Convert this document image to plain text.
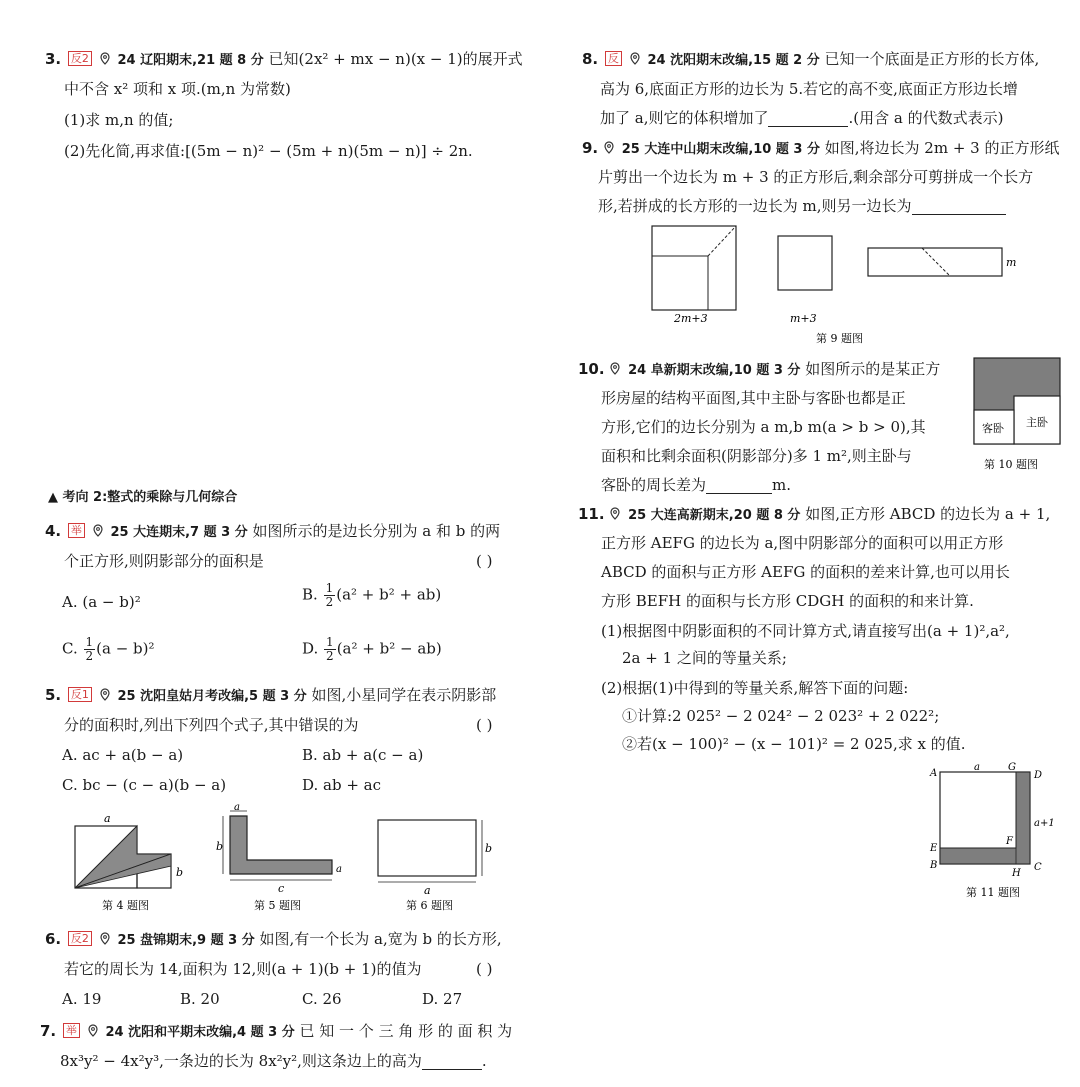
3. 反2 24 辽阳期末,21 题 8 分 已知(2x² + mx − n)(x − 1)的展开式
中不含 x² 项和 x 项.(m,n 为常数)
(1)求 m,n 的值;
(2)先化简,再求值:[(5m − n)² − (5m + n)(5m − n)] ÷ 2n.
▲ 考向 2:整式的乘除与几何综合
4. 举 25 大连期末,7 题 3 分 如图所示的是边长分别为 a 和 b 的两
个正方形,则阴影部分的面积是	( )
A. (a − b)²	B. $\frac{1}{2} (a^2 + b^2 + ab)$
C. $\frac{1}{2} (a - b)^2$	D. $\frac{1}{2} (a^2 + b^2 - ab)$
5. 反1 25 沈阳皇姑月考改编,5 题 3 分 如图,小星同学在表示阴影部
分的面积时,列出下列四个式子,其中错误的为	( )
A. ac + a(b − a)	B. ab + a(c − a)
C. bc − (c − a)(b − a)	D. ab + ac
a
b
a
b
c
a
b
a
第 4 题图	第 5 题图	第 6 题图
6. 反2 25 盘锦期末,9 题 3 分 如图,有一个长为 a,宽为 b 的长方形,
若它的周长为 14,面积为 12,则(a + 1)(b + 1)的值为	( )
A. 19	B. 20	C. 26	D. 27
7. 举 24 沈阳和平期末改编,4 题 3 分 已 知 一 个 三 角 形 的 面 积 为
8x³y² − 4x²y³,一条边的长为 8x²y²,则这条边上的高为	.
8. 反 24 沈阳期末改编,15 题 2 分 已知一个底面是正方形的长方体,
高为 6,底面正方形的边长为 5.若它的高不变,底面正方形边长增
加了 a,则它的体积增加了	.(用含 a 的代数式表示)
9. 25 大连中山期末改编,10 题 3 分 如图,将边长为 2m + 3 的正方形纸
片剪出一个边长为 m + 3 的正方形后,剩余部分可剪拼成一个长方
形,若拼成的长方形的一边长为 m,则另一边长为
2m+3	m+3
m
第 9 题图
10. 24 阜新期末改编,10 题 3 分 如图所示的是某正方
形房屋的结构平面图,其中主卧与客卧也都是正
方形,它们的边长分别为 a m,b m(a > b > 0),其
面积和比剩余面积(阴影部分)多 1 m²,则主卧与
客卧的周长差为	m.
客卧 主卧
第 10 题图
11. 25 大连高新期末,20 题 8 分 如图,正方形 ABCD 的边长为 a + 1,
正方形 AEFG 的边长为 a,图中阴影部分的面积可以用正方形
ABCD 的面积与正方形 AEFG 的面积的差来计算,也可以用长
方形 BEFH 的面积与长方形 CDGH 的面积的和来计算.
(1)根据图中阴影面积的不同计算方式,请直接写出(a + 1)²,a²,
2a + 1 之间的等量关系;
(2)根据(1)中得到的等量关系,解答下面的问题:
①计算:2 025² − 2 024² − 2 023² + 2 022²;
②若(x − 100)² − (x − 101)² = 2 025,求 x 的值.
A
a	G
D
a+1
E
F
B
H
C
第 11 题图
